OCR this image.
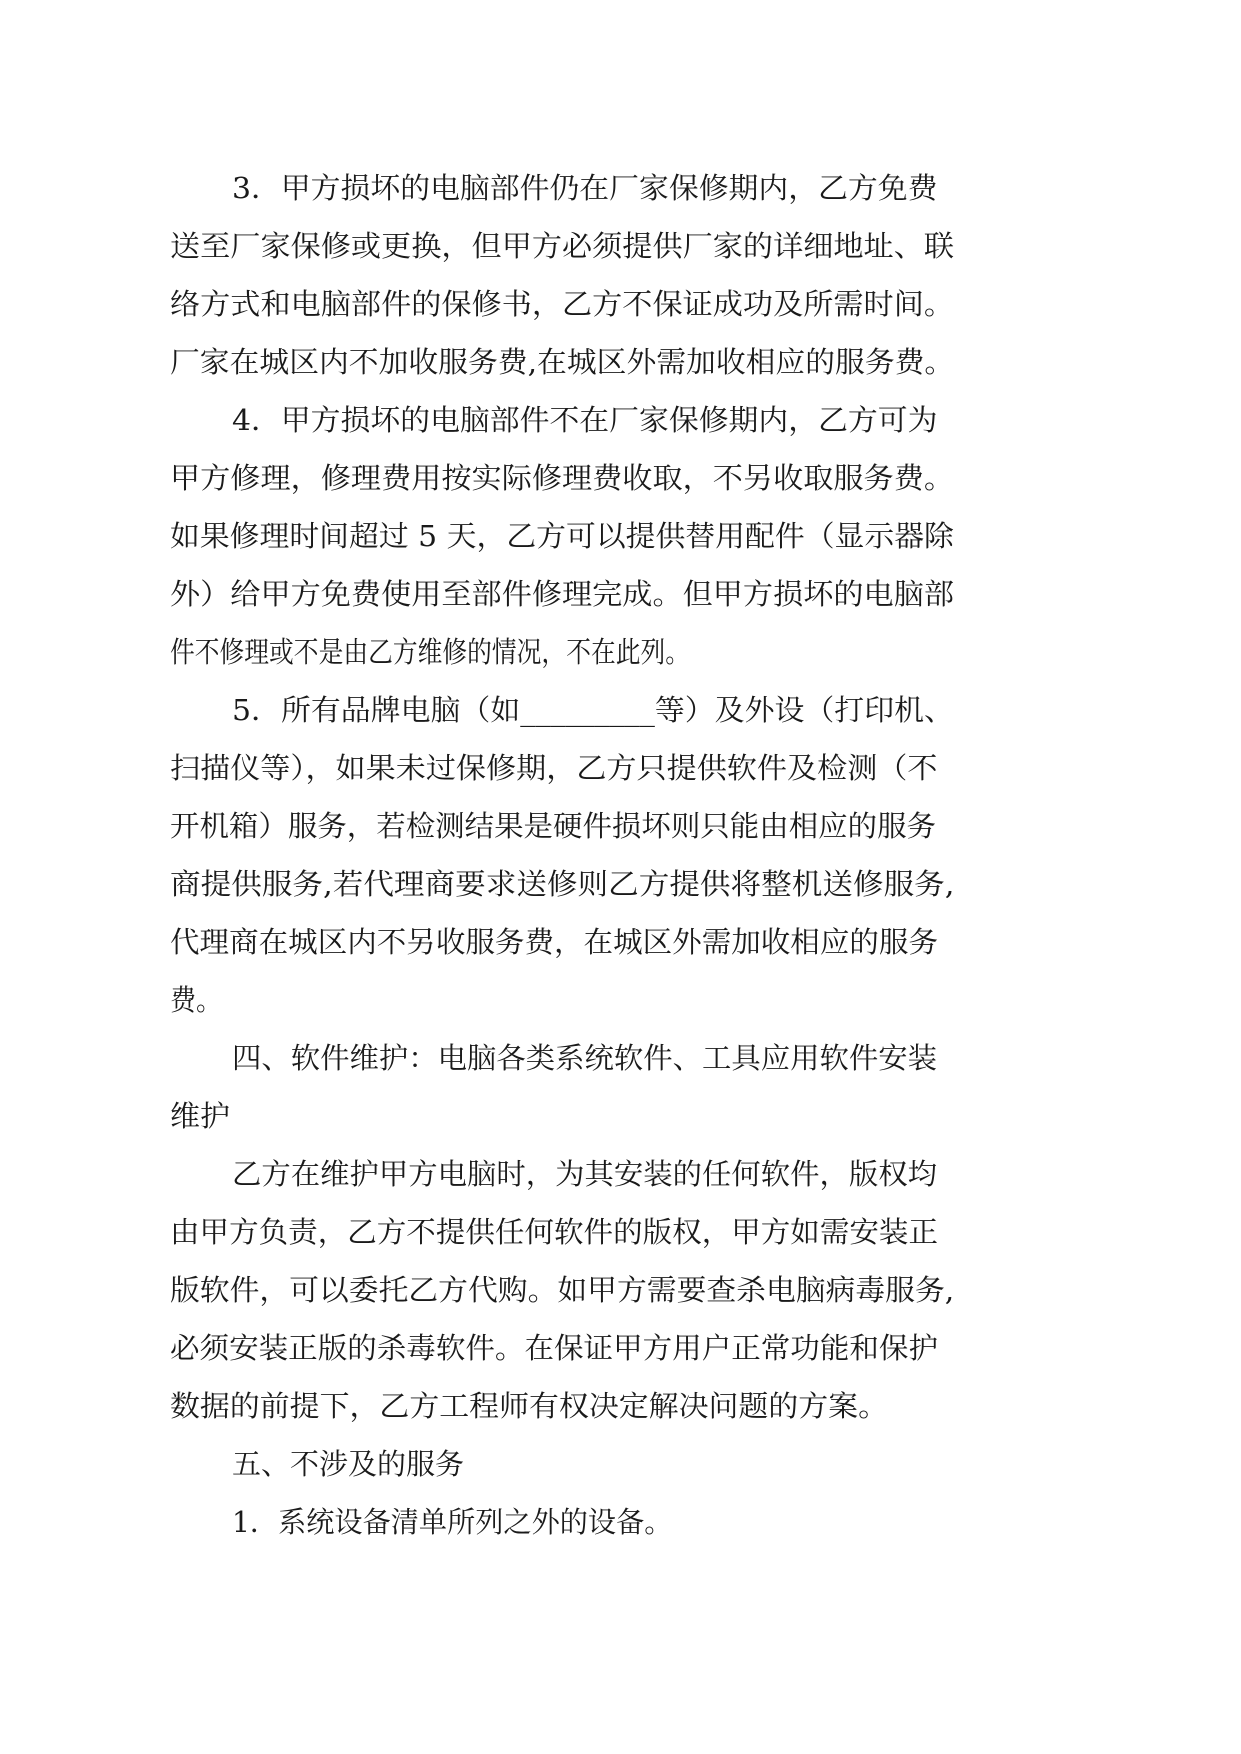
3．甲方损坏的电脑部件仍在厂家保修期内，乙方免费
送至厂家保修或更换，但甲方必须提供厂家的详细地址、联
络方式和电脑部件的保修书，乙方不保证成功及所需时间。
厂家在城区内不加收服务费,在城区外需加收相应的服务费。
4．甲方损坏的电脑部件不在厂家保修期内，乙方可为
甲方修理，修理费用按实际修理费收取，不另收取服务费。
如果修理时间超过 5 天，乙方可以提供替用配件（显示器除
外）给甲方免费使用至部件修理完成。但甲方损坏的电脑部
件不修理或不是由乙方维修的情况，不在此列。
5．所有品牌电脑（如_________等）及外设（打印机、
扫描仪等），如果未过保修期，乙方只提供软件及检测（不
开机箱）服务，若检测结果是硬件损坏则只能由相应的服务
商提供服务,若代理商要求送修则乙方提供将整机送修服务,
代理商在城区内不另收服务费，在城区外需加收相应的服务
费。
四、软件维护：电脑各类系统软件、工具应用软件安装
维护
乙方在维护甲方电脑时，为其安装的任何软件，版权均
由甲方负责，乙方不提供任何软件的版权，甲方如需安装正
版软件，可以委托乙方代购。如甲方需要查杀电脑病毒服务,
必须安装正版的杀毒软件。在保证甲方用户正常功能和保护
数据的前提下，乙方工程师有权决定解决问题的方案。
五、不涉及的服务
1．系统设备清单所列之外的设备。
